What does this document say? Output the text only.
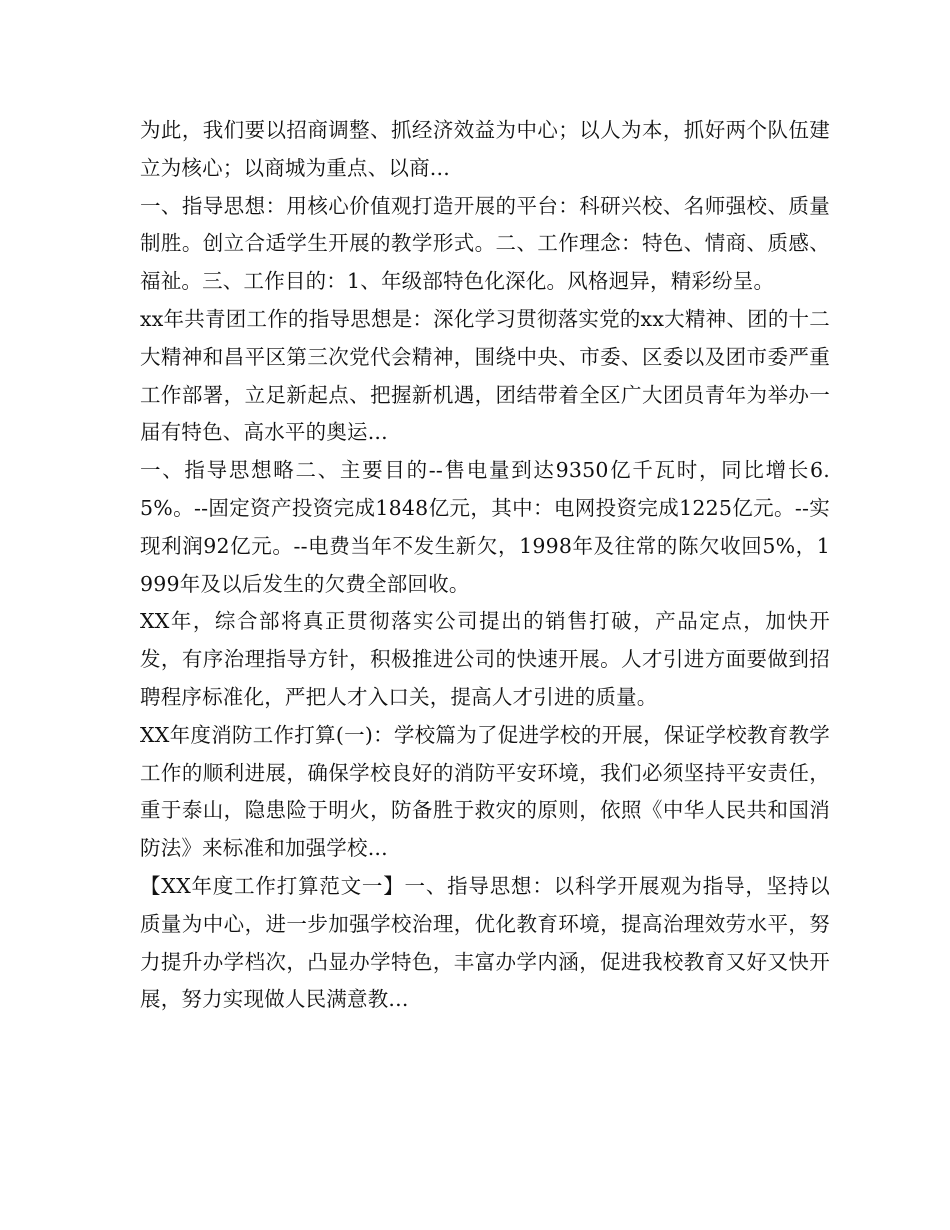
为此，我们要以招商调整、抓经济效益为中心；以人为本，抓好两个队伍建立为核心；以商城为重点、以商...

一、指导思想：用核心价值观打造开展的平台：科研兴校、名师强校、质量制胜。创立合适学生开展的教学形式。二、工作理念：特色、情商、质感、福祉。三、工作目的：1、年级部特色化深化。风格迥异，精彩纷呈。

xx年共青团工作的指导思想是：深化学习贯彻落实党的xx大精神、团的十二大精神和昌平区第三次党代会精神，围绕中央、市委、区委以及团市委严重工作部署，立足新起点、把握新机遇，团结带着全区广大团员青年为举办一届有特色、高水平的奥运...

一、指导思想略二、主要目的--售电量到达9350亿千瓦时，同比增长6.5%。--固定资产投资完成1848亿元，其中：电网投资完成1225亿元。--实现利润92亿元。--电费当年不发生新欠，1998年及往常的陈欠收回5%，1999年及以后发生的欠费全部回收。

XX年，综合部将真正贯彻落实公司提出的销售打破，产品定点，加快开发，有序治理指导方针，积极推进公司的快速开展。人才引进方面要做到招聘程序标准化，严把人才入口关，提高人才引进的质量。

XX年度消防工作打算(一)：学校篇为了促进学校的开展，保证学校教育教学工作的顺利进展，确保学校良好的消防平安环境，我们必须坚持平安责任，重于泰山，隐患险于明火，防备胜于救灾的原则，依照《中华人民共和国消防法》来标准和加强学校...

【XX年度工作打算范文一】一、指导思想：以科学开展观为指导，坚持以质量为中心，进一步加强学校治理，优化教育环境，提高治理效劳水平，努力提升办学档次，凸显办学特色，丰富办学内涵，促进我校教育又好又快开展，努力实现做人民满意教...
